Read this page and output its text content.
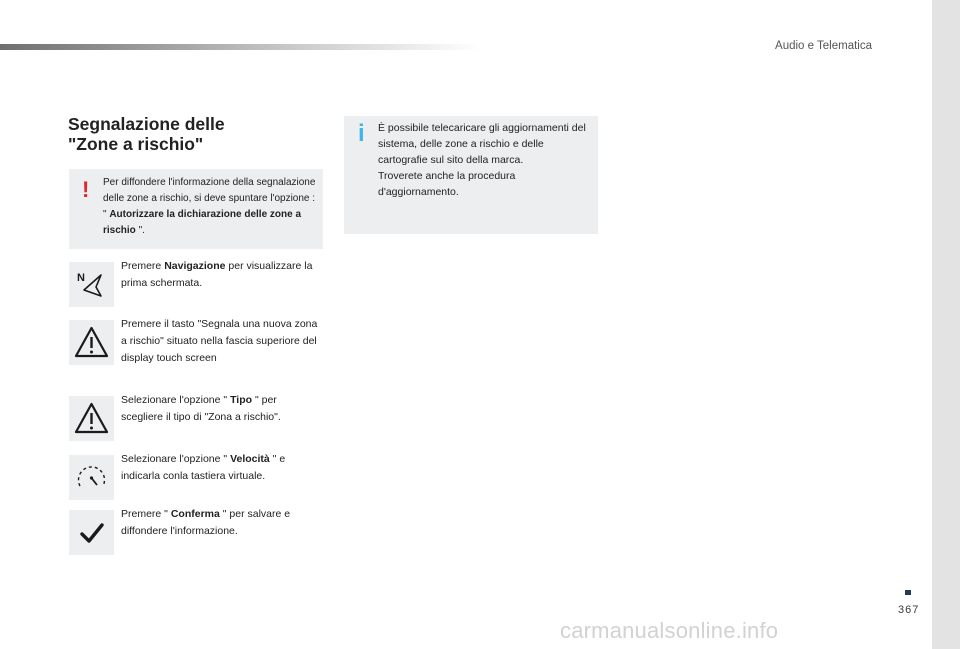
Audio e Telematica
367
carmanualsonline.info
Segnalazione delle
"Zone a rischio"
! Per diffondere l'informazione della segnalazione delle zone a rischio, si deve spuntare l'opzione : " Autorizzare la dichiarazione delle zone a rischio ".
i È possibile telecaricare gli aggiornamenti del sistema, delle zone a rischio e delle cartografie sul sito della marca.
Troverete anche la procedura d'aggiornamento.
N
Premere Navigazione per visualizzare la prima schermata.
Premere il tasto "Segnala una nuova zona a rischio" situato nella fascia superiore del display touch screen
Selezionare l'opzione " Tipo " per scegliere il tipo di "Zona a rischio".
Selezionare l'opzione " Velocità " e indicarla conla tastiera virtuale.
Premere " Conferma " per salvare e diffondere l'informazione.
